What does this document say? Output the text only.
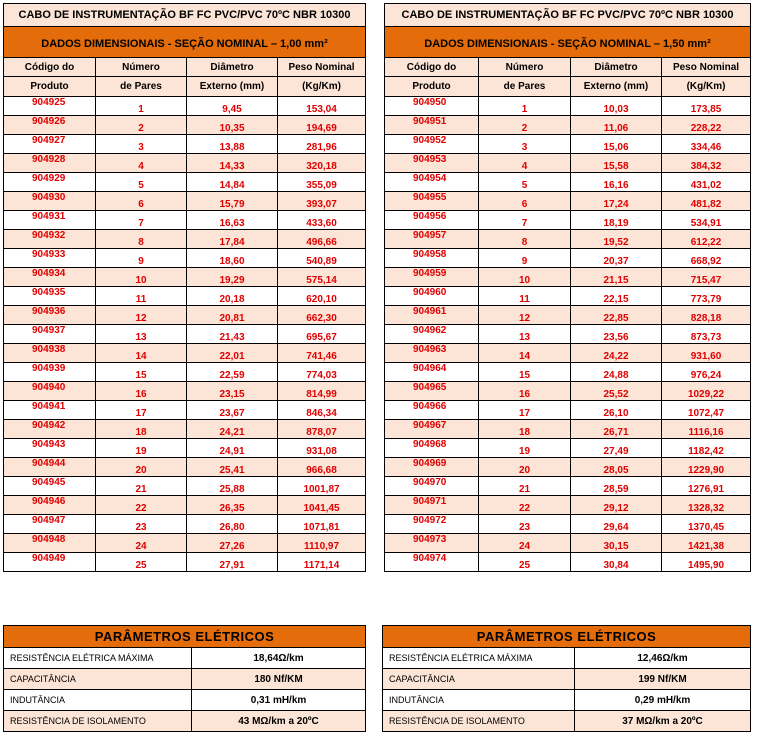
CABO DE INSTRUMENTAÇÃO BF FC PVC/PVC 70ºC NBR 10300			
DADOS DIMENSIONAIS - SEÇÃO NOMINAL – 1,00 mm²			
Código do	Número	Diâmetro	Peso Nominal
Produto	de Pares	Externo (mm)	(Kg/Km)
904925	1	9,45	153,04
904926	2	10,35	194,69
904927	3	13,88	281,96
904928	4	14,33	320,18
904929	5	14,84	355,09
904930	6	15,79	393,07
904931	7	16,63	433,60
904932	8	17,84	496,66
904933	9	18,60	540,89
904934	10	19,29	575,14
904935	11	20,18	620,10
904936	12	20,81	662,30
904937	13	21,43	695,67
904938	14	22,01	741,46
904939	15	22,59	774,03
904940	16	23,15	814,99
904941	17	23,67	846,34
904942	18	24,21	878,07
904943	19	24,91	931,08
904944	20	25,41	966,68
904945	21	25,88	1001,87
904946	22	26,35	1041,45
904947	23	26,80	1071,81
904948	24	27,26	1110,97
904949	25	27,91	1171,14
CABO DE INSTRUMENTAÇÃO BF FC PVC/PVC 70ºC NBR 10300			
DADOS DIMENSIONAIS - SEÇÃO NOMINAL – 1,50 mm²			
Código do	Número	Diâmetro	Peso Nominal
Produto	de Pares	Externo (mm)	(Kg/Km)
904950	1	10,03	173,85
904951	2	11,06	228,22
904952	3	15,06	334,46
904953	4	15,58	384,32
904954	5	16,16	431,02
904955	6	17,24	481,82
904956	7	18,19	534,91
904957	8	19,52	612,22
904958	9	20,37	668,92
904959	10	21,15	715,47
904960	11	22,15	773,79
904961	12	22,85	828,18
904962	13	23,56	873,73
904963	14	24,22	931,60
904964	15	24,88	976,24
904965	16	25,52	1029,22
904966	17	26,10	1072,47
904967	18	26,71	1116,16
904968	19	27,49	1182,42
904969	20	28,05	1229,90
904970	21	28,59	1276,91
904971	22	29,12	1328,32
904972	23	29,64	1370,45
904973	24	30,15	1421,38
904974	25	30,84	1495,90
PARÂMETROS ELÉTRICOS	
RESISTÊNCIA ELÉTRICA MÁXIMA	18,64Ω/km
CAPACITÂNCIA	180 Nf/KM
INDUTÂNCIA	0,31 mH/km
RESISTÊNCIA DE ISOLAMENTO	43 MΩ/km a 20ºC
PARÂMETROS ELÉTRICOS	
RESISTÊNCIA ELÉTRICA MÁXIMA	12,46Ω/km
CAPACITÂNCIA	199 Nf/KM
INDUTÂNCIA	0,29 mH/km
RESISTÊNCIA DE ISOLAMENTO	37 MΩ/km a 20ºC
